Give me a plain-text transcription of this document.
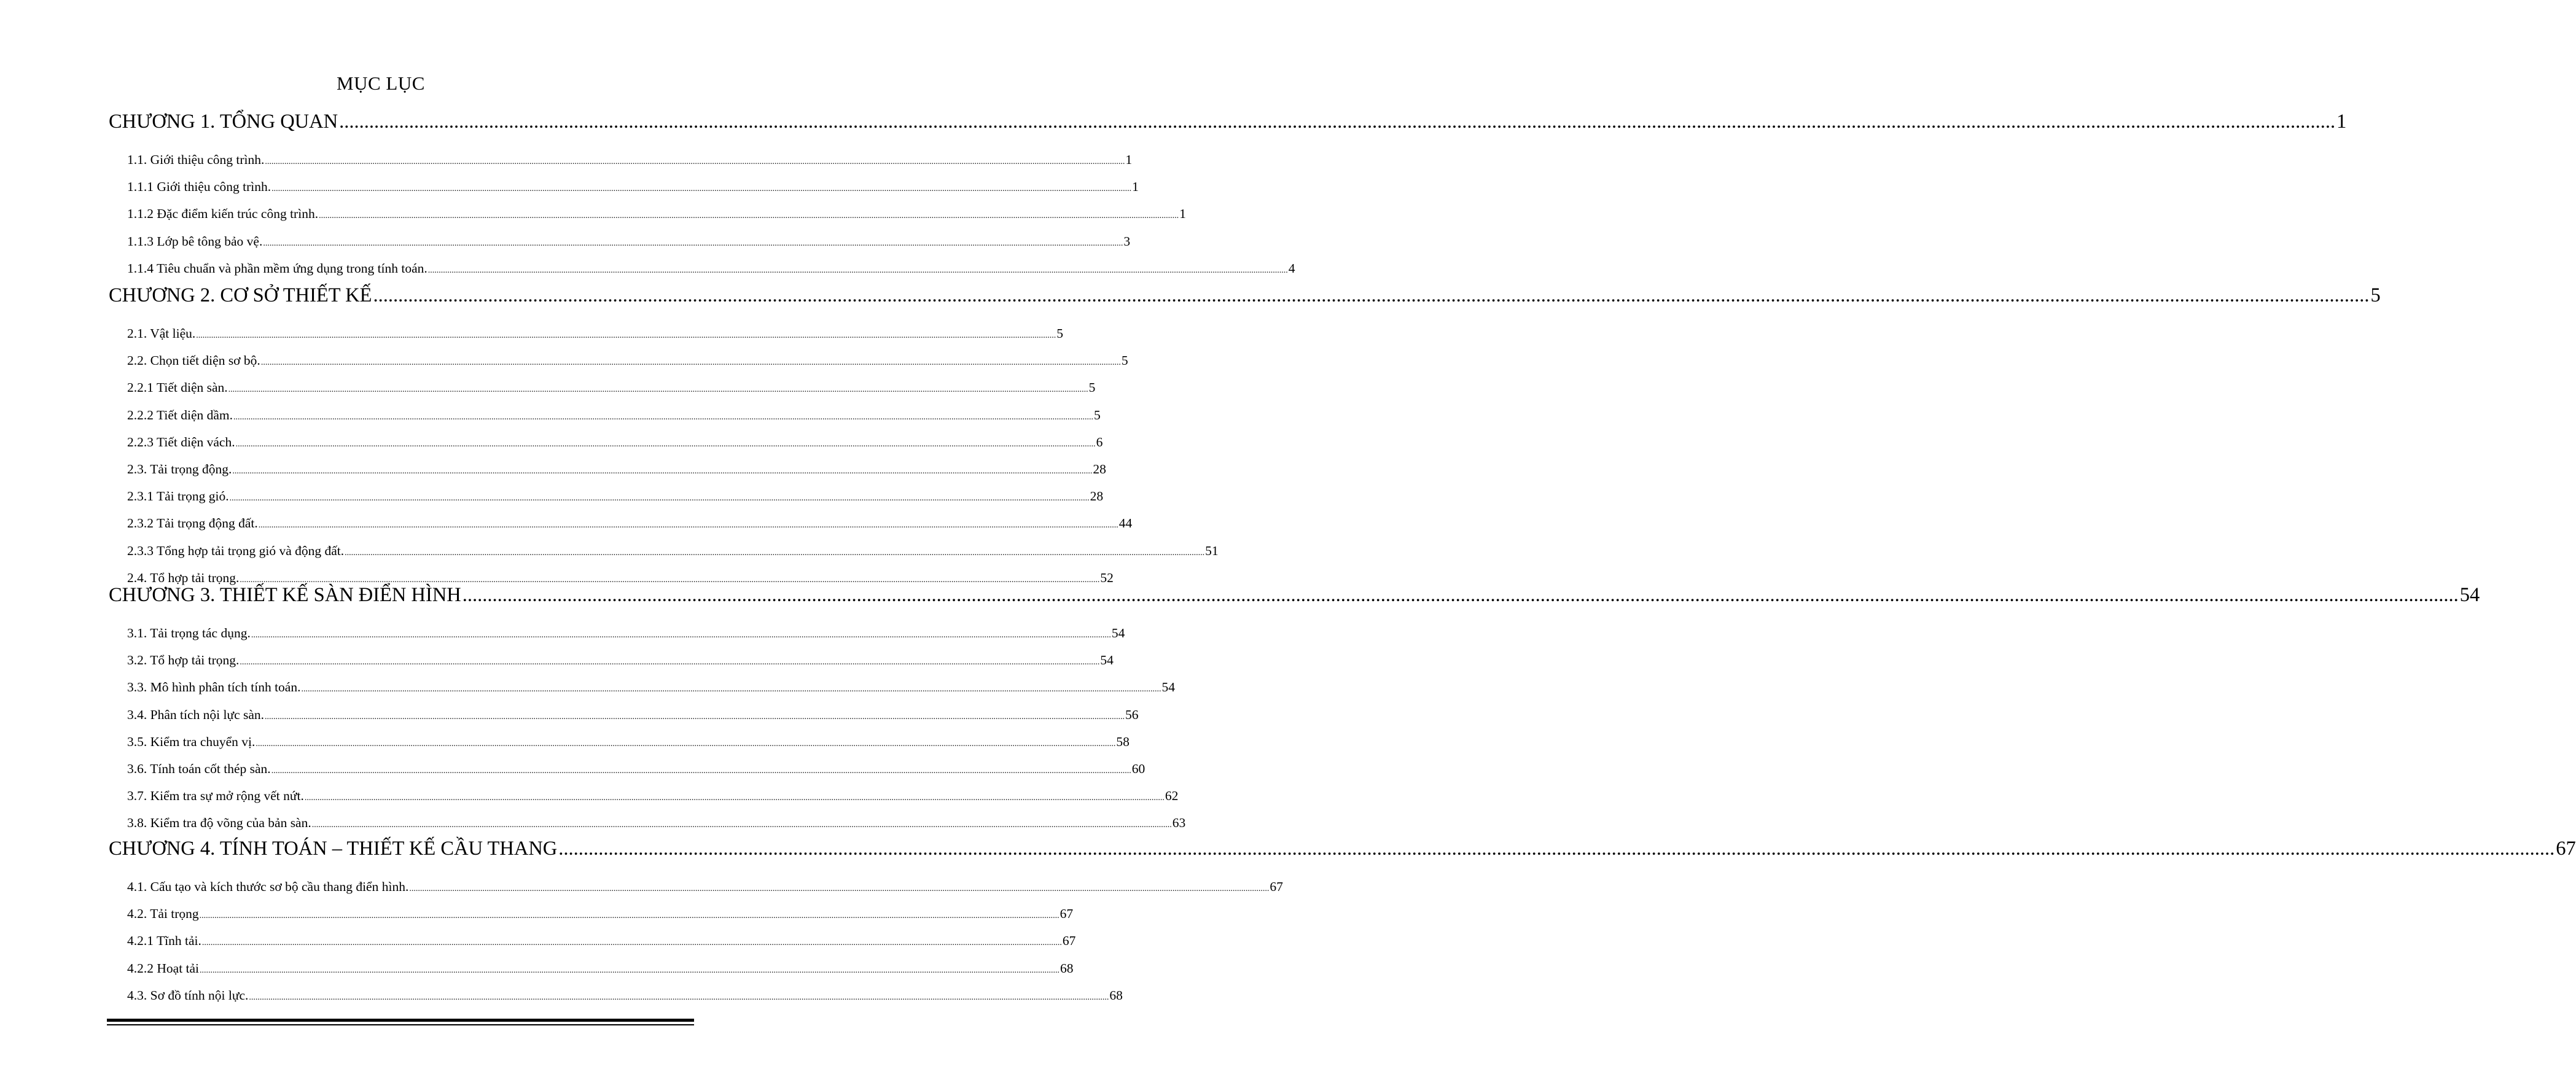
MỤC LỤC
CHƯƠNG 1. TỔNG QUAN ................................................................................................................................................................................................................................................................................................................................................................................................................ 1
1.1. Giới thiệu công trình. ................................................................................................................................................................................................................................................................................................................................................................................................................ 1
1.1.1 Giới thiệu công trình. ................................................................................................................................................................................................................................................................................................................................................................................................................ 1
1.1.2 Đặc điểm kiến trúc công trình. ................................................................................................................................................................................................................................................................................................................................................................................................................ 1
1.1.3 Lớp bê tông bảo vệ. ................................................................................................................................................................................................................................................................................................................................................................................................................ 3
1.1.4 Tiêu chuẩn và phần mềm ứng dụng trong tính toán. ................................................................................................................................................................................................................................................................................................................................................................................................................ 4
CHƯƠNG 2. CƠ SỞ THIẾT KẾ ................................................................................................................................................................................................................................................................................................................................................................................................................ 5
2.1. Vật liệu. ................................................................................................................................................................................................................................................................................................................................................................................................................ 5
2.2. Chọn tiết diện sơ bộ. ................................................................................................................................................................................................................................................................................................................................................................................................................ 5
2.2.1 Tiết diện sàn. ................................................................................................................................................................................................................................................................................................................................................................................................................ 5
2.2.2 Tiết diện dầm. ................................................................................................................................................................................................................................................................................................................................................................................................................ 5
2.2.3 Tiết diện vách. ................................................................................................................................................................................................................................................................................................................................................................................................................ 6
2.3. Tải trọng động. ................................................................................................................................................................................................................................................................................................................................................................................................................ 28
2.3.1 Tải trọng gió. ................................................................................................................................................................................................................................................................................................................................................................................................................ 28
2.3.2 Tải trọng động đất. ................................................................................................................................................................................................................................................................................................................................................................................................................ 44
2.3.3 Tổng hợp tải trọng gió và động đất. ................................................................................................................................................................................................................................................................................................................................................................................................................ 51
2.4. Tổ hợp tải trọng. ................................................................................................................................................................................................................................................................................................................................................................................................................ 52
CHƯƠNG 3. THIẾT KẾ SÀN ĐIỂN HÌNH ................................................................................................................................................................................................................................................................................................................................................................................................................ 54
3.1. Tải trọng tác dụng. ................................................................................................................................................................................................................................................................................................................................................................................................................ 54
3.2. Tổ hợp tải trọng. ................................................................................................................................................................................................................................................................................................................................................................................................................ 54
3.3. Mô hình phân tích tính toán. ................................................................................................................................................................................................................................................................................................................................................................................................................ 54
3.4. Phân tích nội lực sàn. ................................................................................................................................................................................................................................................................................................................................................................................................................ 56
3.5. Kiểm tra chuyển vị. ................................................................................................................................................................................................................................................................................................................................................................................................................ 58
3.6. Tính toán cốt thép sàn. ................................................................................................................................................................................................................................................................................................................................................................................................................ 60
3.7. Kiểm tra sự mở rộng vết nứt. ................................................................................................................................................................................................................................................................................................................................................................................................................ 62
3.8. Kiểm tra độ võng của bản sàn. ................................................................................................................................................................................................................................................................................................................................................................................................................ 63
CHƯƠNG 4. TÍNH TOÁN – THIẾT KẾ CẦU THANG ................................................................................................................................................................................................................................................................................................................................................................................................................ 67
4.1. Cấu tạo và kích thước sơ bộ cầu thang điển hình. ................................................................................................................................................................................................................................................................................................................................................................................................................ 67
4.2. Tải trọng ................................................................................................................................................................................................................................................................................................................................................................................................................ 67
4.2.1 Tĩnh tải. ................................................................................................................................................................................................................................................................................................................................................................................................................ 67
4.2.2 Hoạt tải ................................................................................................................................................................................................................................................................................................................................................................................................................ 68
4.3. Sơ đồ tính nội lực. ................................................................................................................................................................................................................................................................................................................................................................................................................ 68
